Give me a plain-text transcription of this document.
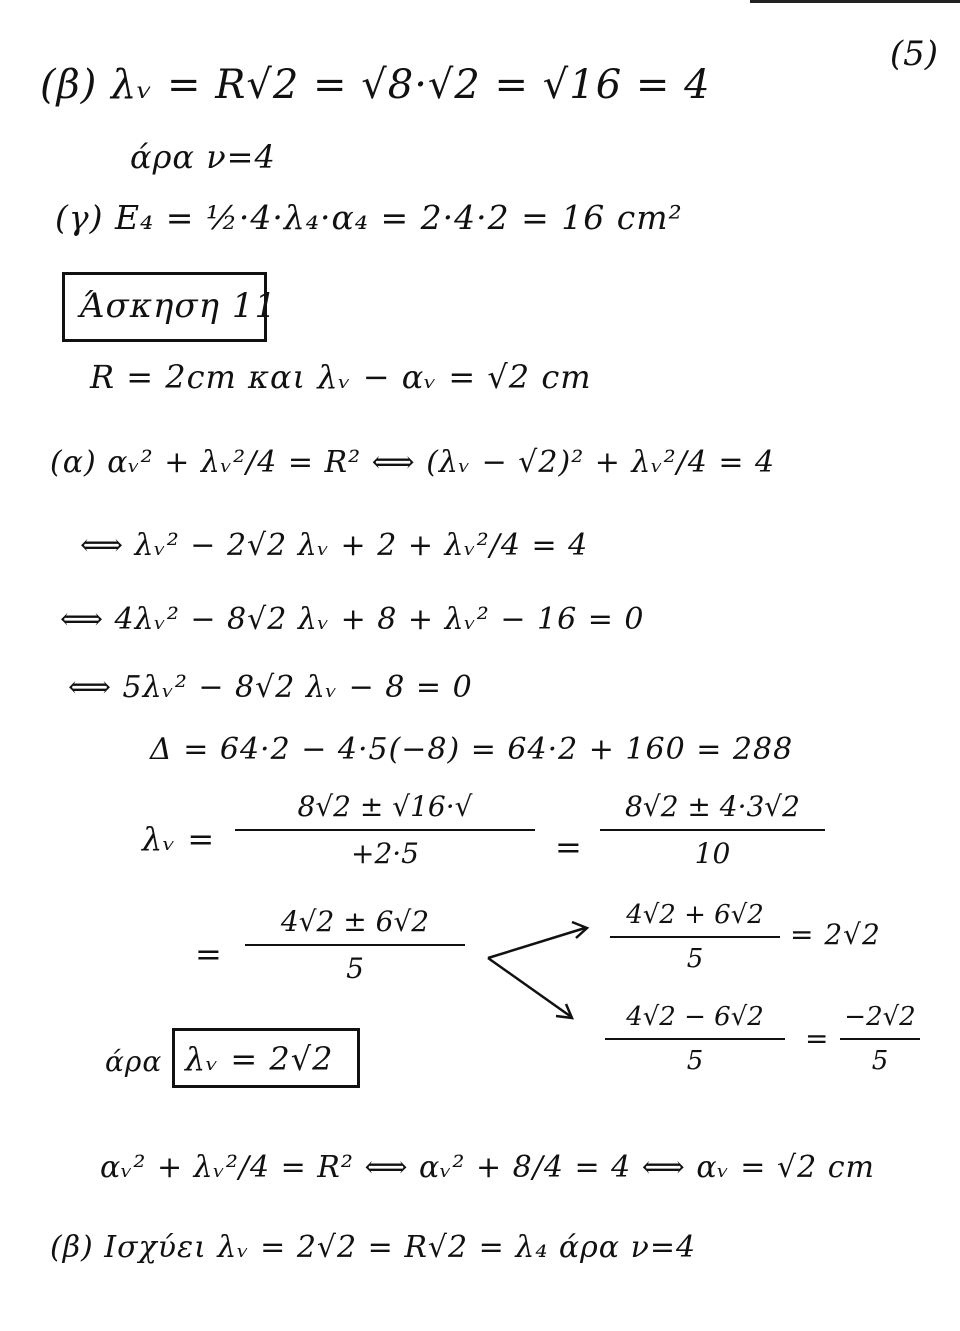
(5)
(β) λᵥ = R√2 = √8·√2 = √16 = 4
άρα ν=4
(γ) E₄ = ½·4·λ₄·α₄ = 2·4·2 = 16 cm²
Άσκηση 11
R = 2cm και λᵥ − αᵥ = √2 cm
(α) αᵥ² + λᵥ²/4 = R² ⟺ (λᵥ − √2)² + λᵥ²/4 = 4
⟺ λᵥ² − 2√2 λᵥ + 2 + λᵥ²/4 = 4
⟺ 4λᵥ² − 8√2 λᵥ + 8 + λᵥ² − 16 = 0
⟺ 5λᵥ² − 8√2 λᵥ − 8 = 0
Δ = 64·2 − 4·5(−8) = 64·2 + 160 = 288
λᵥ =
8√2 ± √16·√
+2·5	=
8√2 ± 4·3√2
10
=
4√2 ± 6√2
5
4√2 + 6√2
5
= 2√2
4√2 − 6√2
5
=
−2√2
5
άρα λᵥ = 2√2
αᵥ² + λᵥ²/4 = R² ⟺ αᵥ² + 8/4 = 4 ⟺ αᵥ = √2 cm
(β) Ισχύει λᵥ = 2√2 = R√2 = λ₄ άρα ν=4
